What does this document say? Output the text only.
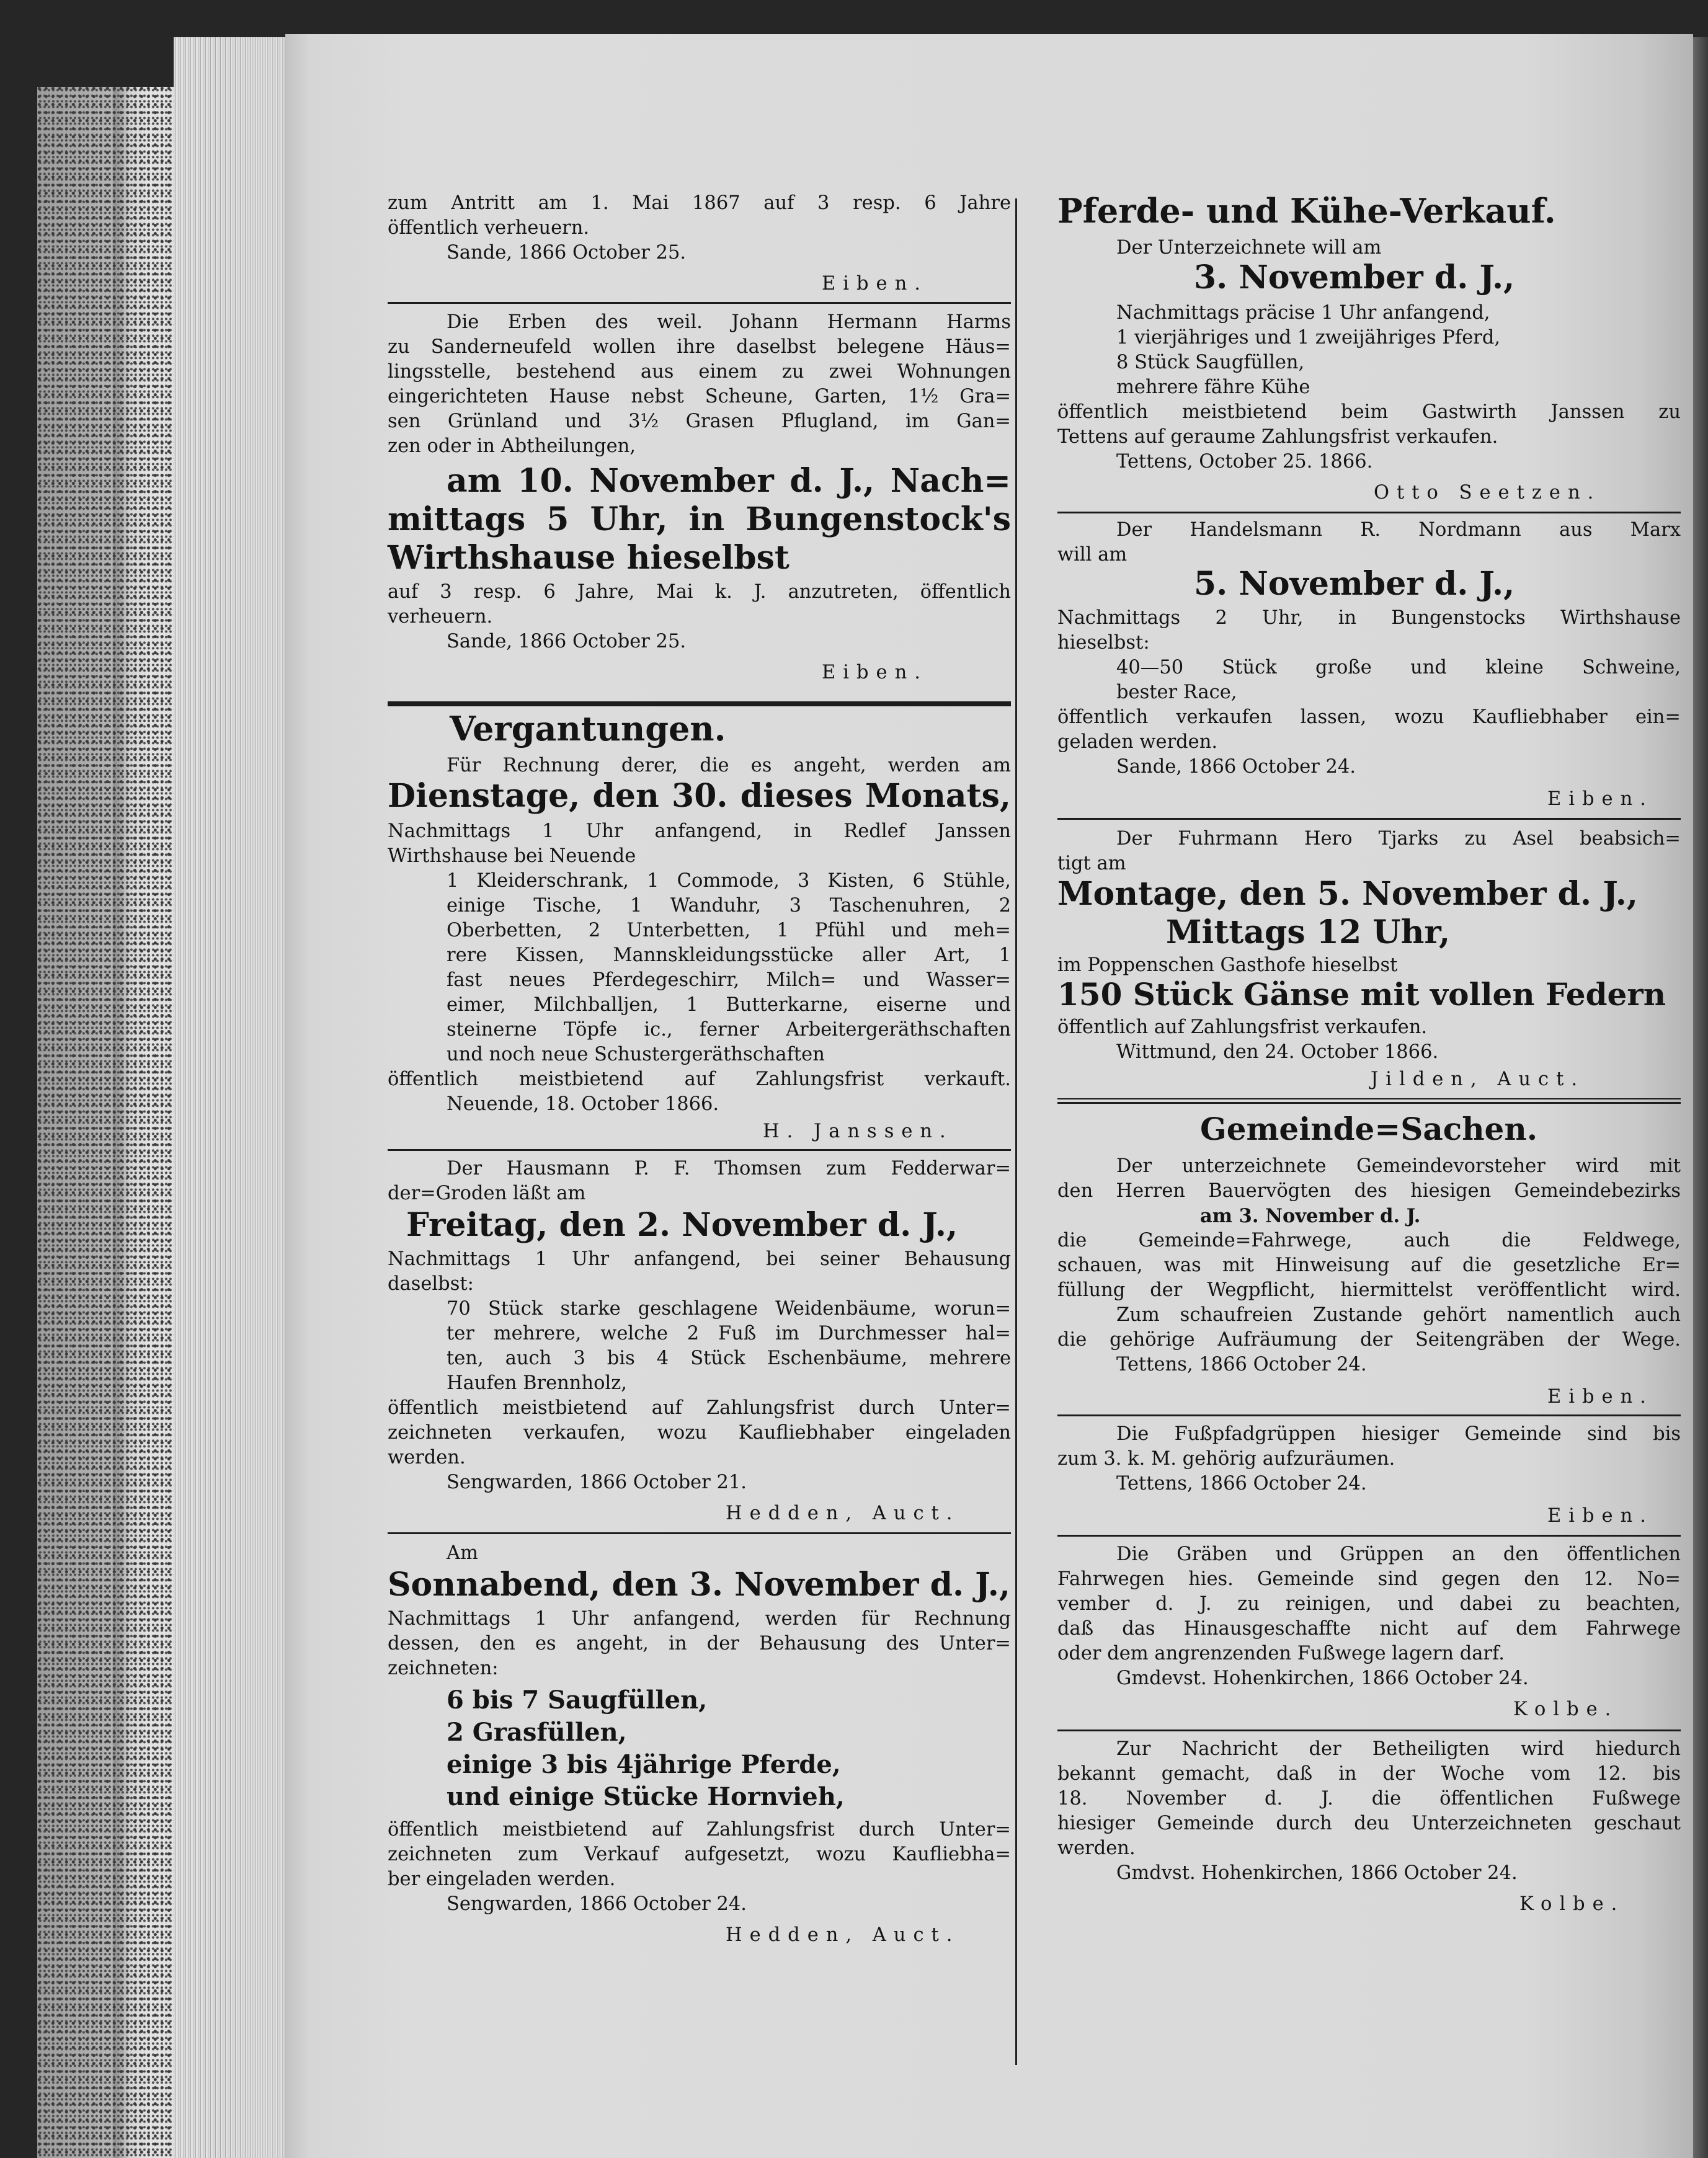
zum Antritt am 1. Mai 1867 auf 3 resp. 6 Jahre
öffentlich verheuern.
Sande, 1866 October 25.
Eiben.
Die Erben des weil. Johann Hermann Harms
zu Sanderneufeld wollen ihre daselbst belegene Häus=
lingsstelle, bestehend aus einem zu zwei Wohnungen
eingerichteten Hause nebst Scheune, Garten, 1½ Gra=
sen Grünland und 3½ Grasen Pflugland, im Gan=
zen oder in Abtheilungen,
am 10. November d. J., Nach=
mittags 5 Uhr, in Bungenstock's
Wirthshause hieselbst
auf 3 resp. 6 Jahre, Mai k. J. anzutreten, öffentlich
verheuern.
Sande, 1866 October 25.
Eiben.
Vergantungen.
Für Rechnung derer, die es angeht, werden am
Dienstage, den 30. dieses Monats,
Nachmittags 1 Uhr anfangend, in Redlef Janssen
Wirthshause bei Neuende
1 Kleiderschrank, 1 Commode, 3 Kisten, 6 Stühle,
einige Tische, 1 Wanduhr, 3 Taschenuhren, 2
Oberbetten, 2 Unterbetten, 1 Pfühl und meh=
rere Kissen, Mannskleidungsstücke aller Art, 1
fast neues Pferdegeschirr, Milch= und Wasser=
eimer, Milchballjen, 1 Butterkarne, eiserne und
steinerne Töpfe ic., ferner Arbeitergeräthschaften
und noch neue Schustergeräthschaften
öffentlich meistbietend auf Zahlungsfrist verkauft.
Neuende, 18. October 1866.
H. Janssen.
Der Hausmann P. F. Thomsen zum Fedderwar=
der=Groden läßt am
Freitag, den 2. November d. J.,
Nachmittags 1 Uhr anfangend, bei seiner Behausung
daselbst:
70 Stück starke geschlagene Weidenbäume, worun=
ter mehrere, welche 2 Fuß im Durchmesser hal=
ten, auch 3 bis 4 Stück Eschenbäume, mehrere
Haufen Brennholz,
öffentlich meistbietend auf Zahlungsfrist durch Unter=
zeichneten verkaufen, wozu Kaufliebhaber eingeladen
werden.
Sengwarden, 1866 October 21.
Hedden, Auct.
Am
Sonnabend, den 3. November d. J.,
Nachmittags 1 Uhr anfangend, werden für Rechnung
dessen, den es angeht, in der Behausung des Unter=
zeichneten:
6 bis 7 Saugfüllen,
2 Grasfüllen,
einige 3 bis 4jährige Pferde,
und einige Stücke Hornvieh,
öffentlich meistbietend auf Zahlungsfrist durch Unter=
zeichneten zum Verkauf aufgesetzt, wozu Kaufliebha=
ber eingeladen werden.
Sengwarden, 1866 October 24.
Hedden, Auct.
Pferde- und Kühe-Verkauf.
Der Unterzeichnete will am
3. November d. J.,
Nachmittags präcise 1 Uhr anfangend,
1 vierjähriges und 1 zweijähriges Pferd,
8 Stück Saugfüllen,
mehrere fähre Kühe
öffentlich meistbietend beim Gastwirth Janssen zu
Tettens auf geraume Zahlungsfrist verkaufen.
Tettens, October 25. 1866.
Otto Seetzen.
Der Handelsmann R. Nordmann aus Marx
will am
5. November d. J.,
Nachmittags 2 Uhr, in Bungenstocks Wirthshause
hieselbst:
40—50 Stück große und kleine Schweine,
bester Race,
öffentlich verkaufen lassen, wozu Kaufliebhaber ein=
geladen werden.
Sande, 1866 October 24.
Eiben.
Der Fuhrmann Hero Tjarks zu Asel beabsich=
tigt am
Montage, den 5. November d. J.,
Mittags 12 Uhr,
im Poppenschen Gasthofe hieselbst
150 Stück Gänse mit vollen Federn
öffentlich auf Zahlungsfrist verkaufen.
Wittmund, den 24. October 1866.
Jilden, Auct.
Gemeinde=Sachen.
Der unterzeichnete Gemeindevorsteher wird mit
den Herren Bauervögten des hiesigen Gemeindebezirks
am 3. November d. J.
die Gemeinde=Fahrwege, auch die Feldwege,
schauen, was mit Hinweisung auf die gesetzliche Er=
füllung der Wegpflicht, hiermittelst veröffentlicht wird.
Zum schaufreien Zustande gehört namentlich auch
die gehörige Aufräumung der Seitengräben der Wege.
Tettens, 1866 October 24.
Eiben.
Die Fußpfadgrüppen hiesiger Gemeinde sind bis
zum 3. k. M. gehörig aufzuräumen.
Tettens, 1866 October 24.
Eiben.
Die Gräben und Grüppen an den öffentlichen
Fahrwegen hies. Gemeinde sind gegen den 12. No=
vember d. J. zu reinigen, und dabei zu beachten,
daß das Hinausgeschaffte nicht auf dem Fahrwege
oder dem angrenzenden Fußwege lagern darf.
Gmdevst. Hohenkirchen, 1866 October 24.
Kolbe.
Zur Nachricht der Betheiligten wird hiedurch
bekannt gemacht, daß in der Woche vom 12. bis
18. November d. J. die öffentlichen Fußwege
hiesiger Gemeinde durch deu Unterzeichneten geschaut
werden.
Gmdvst. Hohenkirchen, 1866 October 24.
Kolbe.
